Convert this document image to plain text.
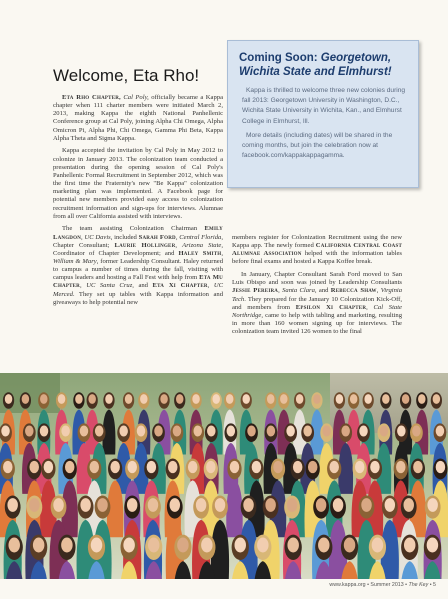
Welcome, Eta Rho!

Eta Rho Chapter, Cal Poly, officially became a Kappa chapter when 111 charter members were initiated March 2, 2013, making Kappa the eighth National Panhellenic Conference group at Cal Poly, joining Alpha Chi Omega, Alpha Omicron Pi, Alpha Phi, Chi Omega, Gamma Phi Beta, Kappa Alpha Theta and Sigma Kappa.

Kappa accepted the invitation by Cal Poly in May 2012 to colonize in January 2013. The colonization team conducted a presentation during the opening session of Cal Poly's Panhellenic Formal Recruitment in September 2012, which was the first time the Fraternity's new "Be Kappa" colonization marketing plan was implemented. A Facebook page for potential new members provided easy access to colonization recruitment information and sign-ups for interviews. Alumnae from all over California assisted with interviews.

The team assisting Colonization Chairman Emily Langdon, UC Davis, included Sarah Ford, Central Florida, Chapter Consultant; Laurie Hollinger, Arizona State, Coordinator of Chapter Development; and Haley Smith, William & Mary, former Leadership Consultant. Haley returned to campus a number of times during the fall, visiting with campus leaders and hosting a Fall Fest with help from Eta Mu Chapter, UC Santa Cruz, and Eta Xi Chapter, UC Merced. They set up tables with Kappa information and giveaways to help potential new

Coming Soon: Georgetown, Wichita State and Elmhurst!

Kappa is thrilled to welcome three new colonies during fall 2013: Georgetown University in Washington, D.C., Wichita State University in Wichita, Kan., and Elmhurst College in Elmhurst, Ill.

More details (including dates) will be shared in the coming months, but join the celebration now at facebook.com/kappakappagamma.

members register for Colonization Recruitment using the new Kappa app. The newly formed California Central Coast Alumnae Association helped with the information tables before final exams and hosted a Kappa Koffee break.

In January, Chapter Consultant Sarah Ford moved to San Luis Obispo and soon was joined by Leadership Consultants Jessie Pereira, Santa Clara, and Rebecca Shaw, Virginia Tech. They prepared for the January 10 Colonization Kick-Off, and members from Epsilon Xi Chapter, Cal State Northridge, came to help with tabling and marketing, resulting in more than 160 women signing up for interviews. The colonization team invited 126 women to the final

www.kappa.org • Summer 2013 • The Key • 5
